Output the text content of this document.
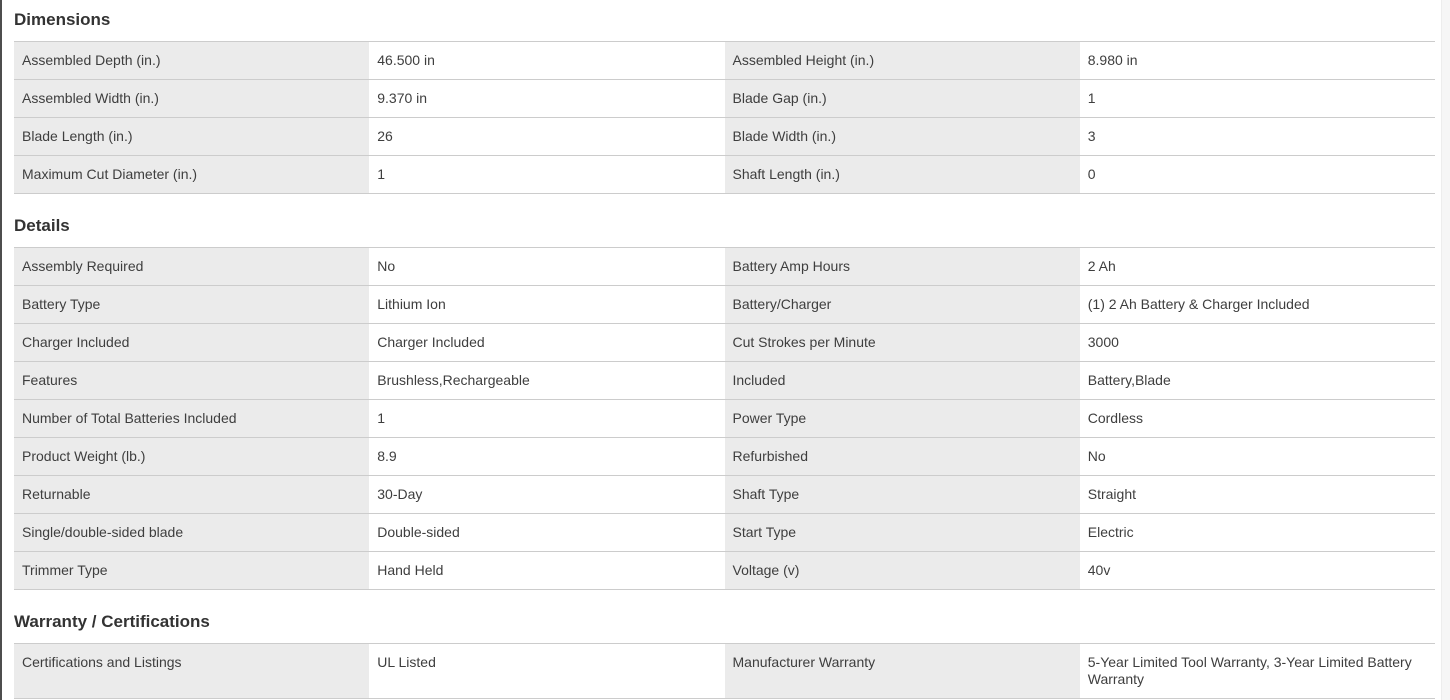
Dimensions
Assembled Depth (in.)	46.500 in	Assembled Height (in.)	8.980 in
Assembled Width (in.)	9.370 in	Blade Gap (in.)	1
Blade Length (in.)	26	Blade Width (in.)	3
Maximum Cut Diameter (in.)	1	Shaft Length (in.)	0
Details
Assembly Required	No	Battery Amp Hours	2 Ah
Battery Type	Lithium Ion	Battery/Charger	(1) 2 Ah Battery & Charger Included
Charger Included	Charger Included	Cut Strokes per Minute	3000
Features	Brushless,Rechargeable	Included	Battery,Blade
Number of Total Batteries Included	1	Power Type	Cordless
Product Weight (lb.)	8.9	Refurbished	No
Returnable	30-Day	Shaft Type	Straight
Single/double-sided blade	Double-sided	Start Type	Electric
Trimmer Type	Hand Held	Voltage (v)	40v
Warranty / Certifications
Certifications and Listings	UL Listed	Manufacturer Warranty	5-Year Limited Tool Warranty, 3-Year Limited Battery Warranty
